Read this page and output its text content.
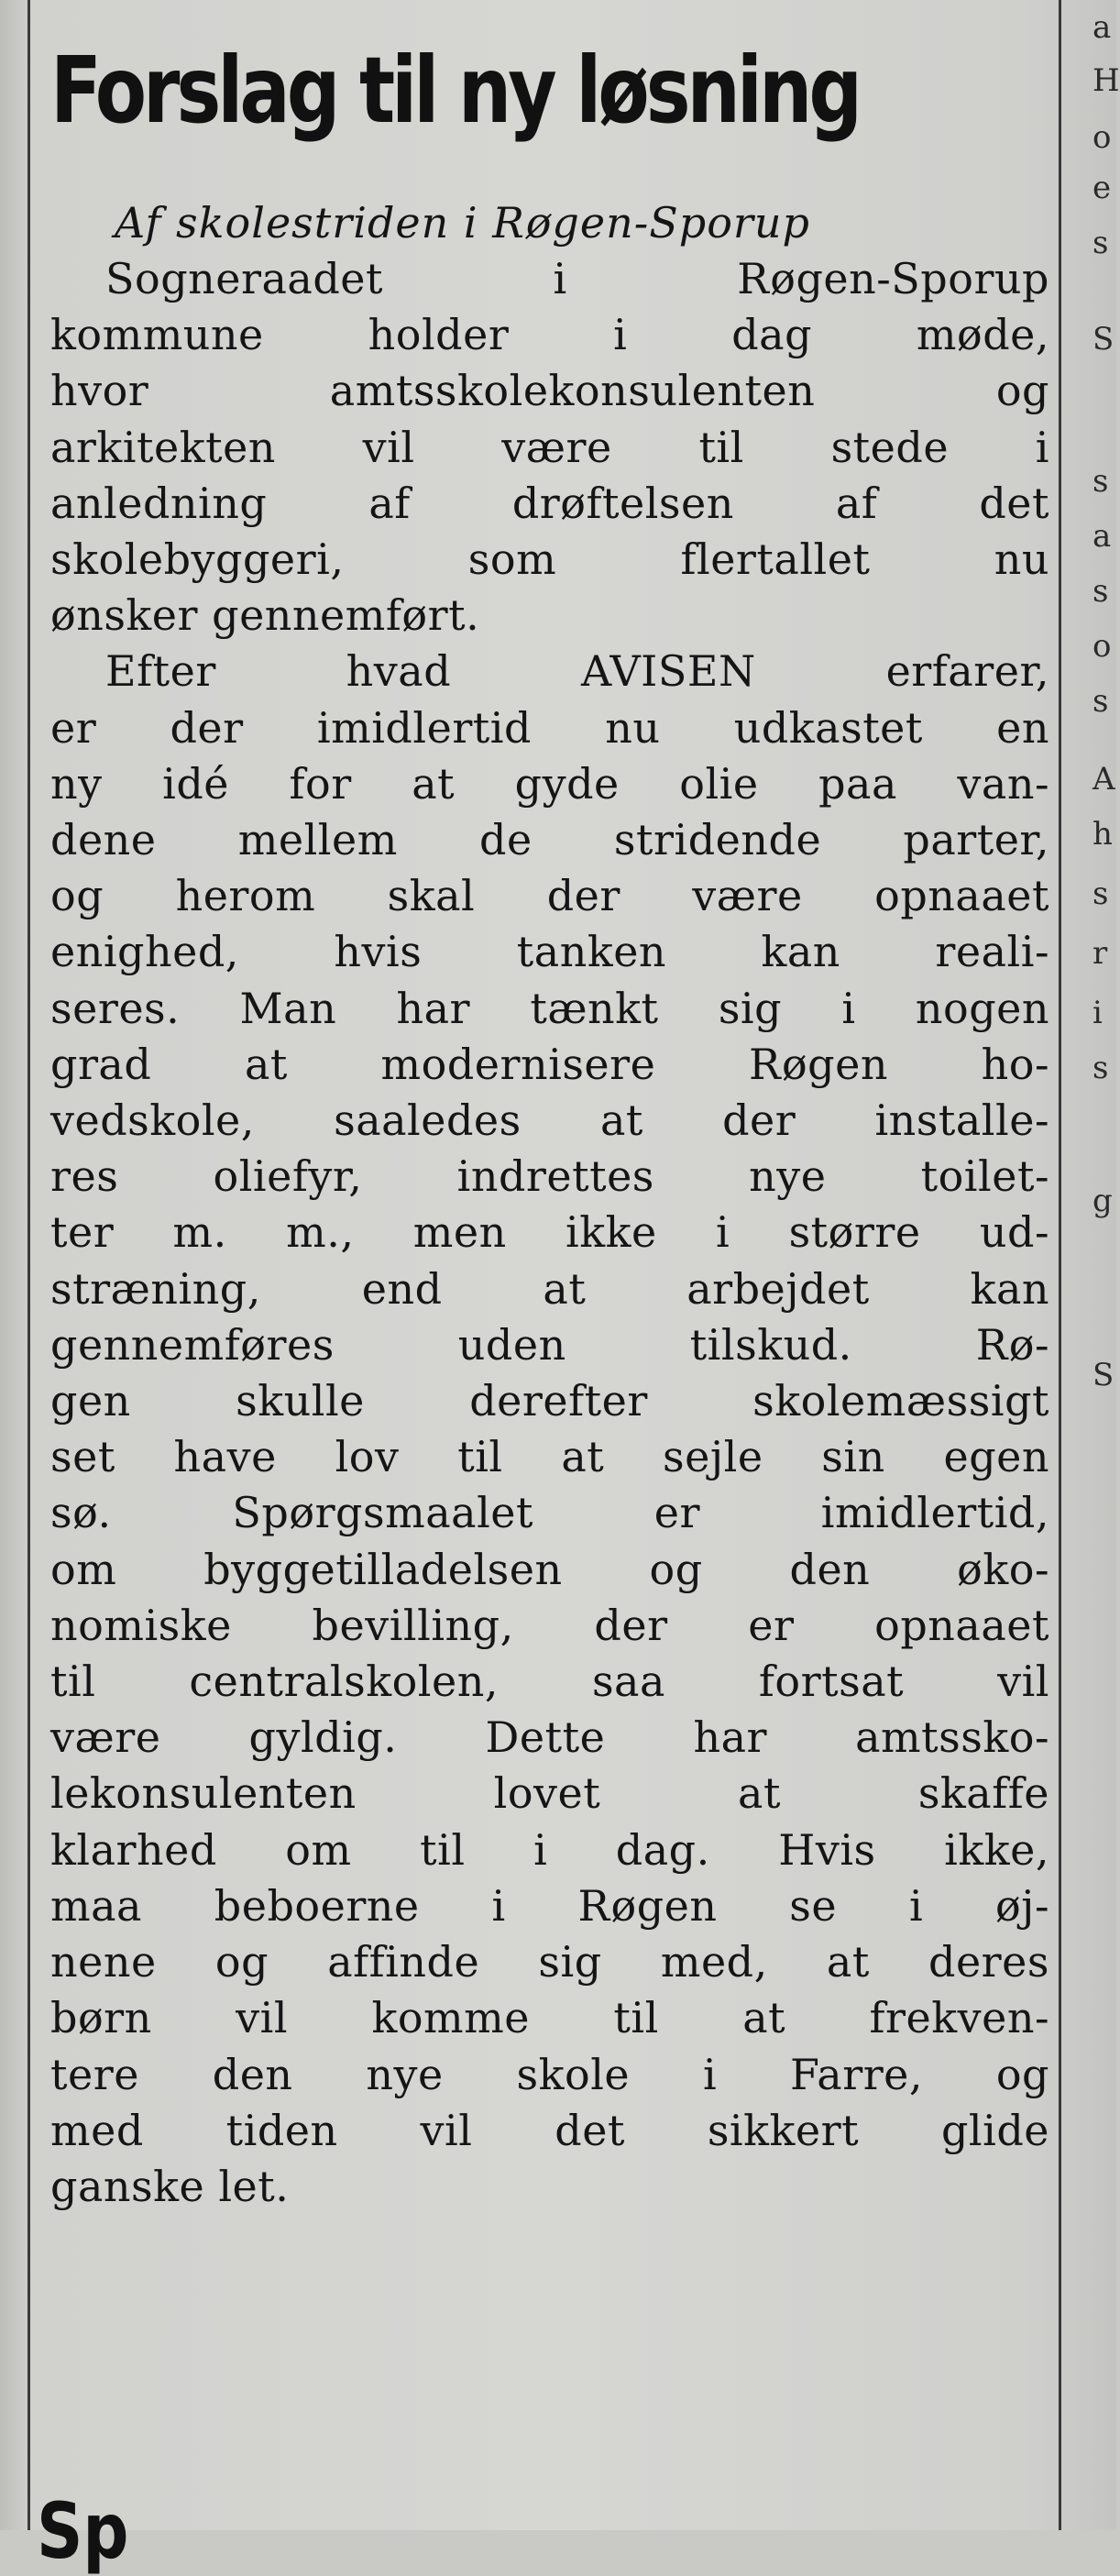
Forslag til ny løsning
Af skolestriden i Røgen-Sporup
Sogneraadet i Røgen-Sporup
kommune holder i dag møde,
hvor amtsskolekonsulenten og
arkitekten vil være til stede i
anledning af drøftelsen af det
skolebyggeri, som flertallet nu
ønsker gennemført.
Efter hvad AVISEN erfarer,
er der imidlertid nu udkastet en
ny idé for at gyde olie paa van-
dene mellem de stridende parter,
og herom skal der være opnaaet
enighed, hvis tanken kan reali-
seres. Man har tænkt sig i nogen
grad at modernisere Røgen ho-
vedskole, saaledes at der installe-
res oliefyr, indrettes nye toilet-
ter m. m., men ikke i større ud-
stræning, end at arbejdet kan
gennemføres uden tilskud. Rø-
gen skulle derefter skolemæssigt
set have lov til at sejle sin egen
sø. Spørgsmaalet er imidlertid,
om byggetilladelsen og den øko-
nomiske bevilling, der er opnaaet
til centralskolen, saa fortsat vil
være gyldig. Dette har amtssko-
lekonsulenten lovet at skaffe
klarhed om til i dag. Hvis ikke,
maa beboerne i Røgen se i øj-
nene og affinde sig med, at deres
børn vil komme til at frekven-
tere den nye skole i Farre, og
med tiden vil det sikkert glide
ganske let.
a
H
o
e
s
S
s
a
s
o
s
A
h
s
r
i
s
g
S
Sp
